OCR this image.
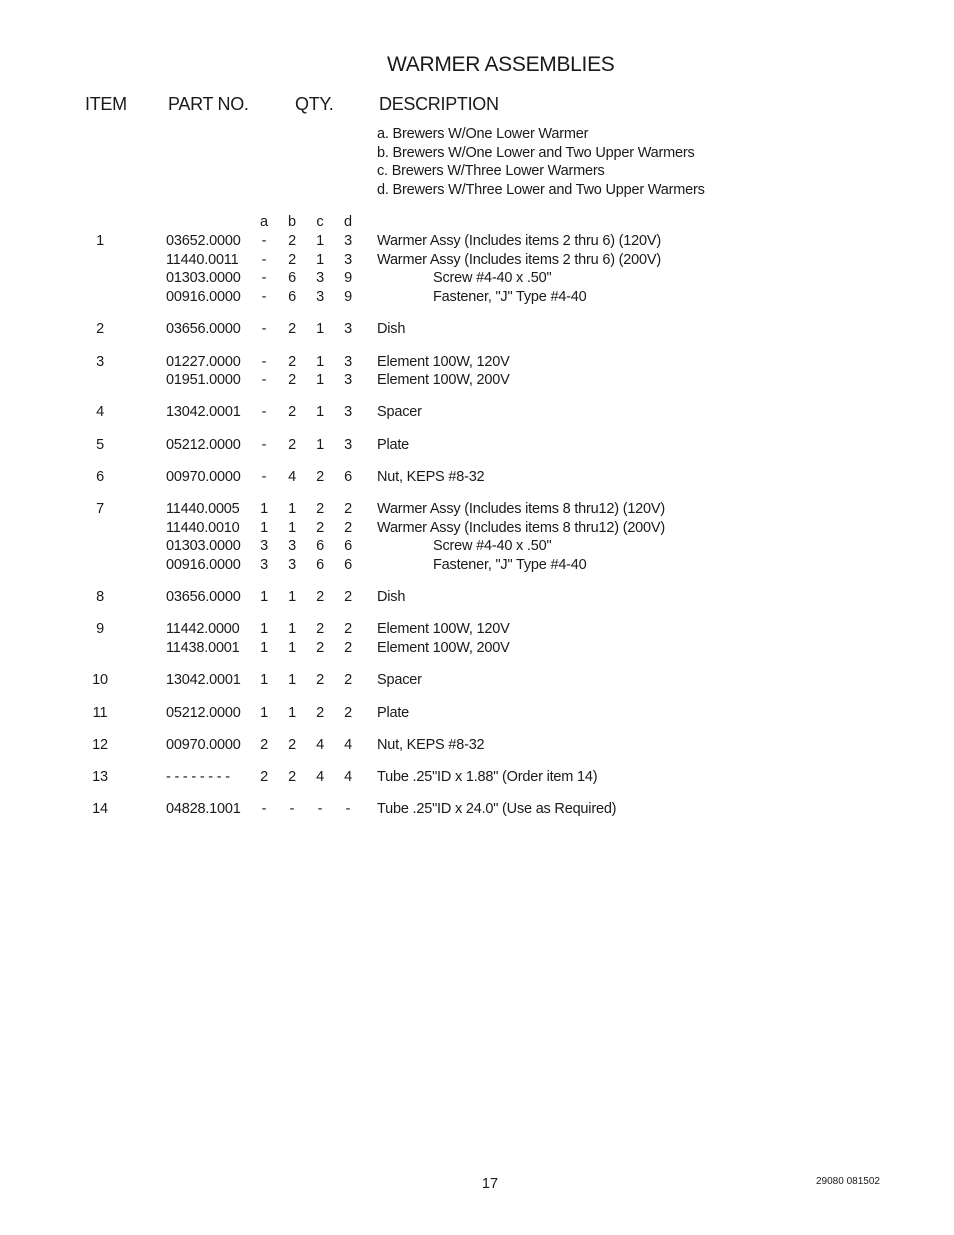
WARMER ASSEMBLIES
ITEM PART NO.	QTY.	DESCRIPTION
a. Brewers W/One Lower Warmer
b. Brewers W/One Lower and Two Upper Warmers
c. Brewers W/Three Lower Warmers
d. Brewers W/Three Lower and Two Upper Warmers
a	b	c	d
1	03652.0000	-	2	1	3	Warmer Assy (Includes items 2 thru 6) (120V)
11440.0011	-	2	1	3	Warmer Assy (Includes items 2 thru 6) (200V)
01303.0000	-	6	3	9	Screw #4-40 x .50"
00916.0000	-	6	3	9	Fastener, "J" Type #4-40
2	03656.0000	-	2	1	3	Dish
3	01227.0000	-	2	1	3	Element 100W, 120V
01951.0000	-	2	1	3	Element 100W, 200V
4	13042.0001	-	2	1	3	Spacer
5	05212.0000	-	2	1	3	Plate
6	00970.0000	-	4	2	6	Nut, KEPS #8-32
7	11440.0005	1	1	2	2	Warmer Assy (Includes items 8 thru12) (120V)
11440.0010	1	1	2	2	Warmer Assy (Includes items 8 thru12) (200V)
01303.0000	3	3	6	6	Screw #4-40 x .50"
00916.0000	3	3	6	6	Fastener, "J" Type #4-40
8	03656.0000	1	1	2	2	Dish
9	11442.0000	1	1	2	2	Element 100W, 120V
11438.0001	1	1	2	2	Element 100W, 200V
10	13042.0001	1	1	2	2	Spacer
11	05212.0000	1	1	2	2	Plate
12	00970.0000	2	2	4	4	Nut, KEPS #8-32
13	- - - - - - - -	2	2	4	4	Tube .25"ID x 1.88" (Order item 14)
14	04828.1001	-	-	-	-	Tube .25"ID x 24.0" (Use as Required)
17	29080 081502
